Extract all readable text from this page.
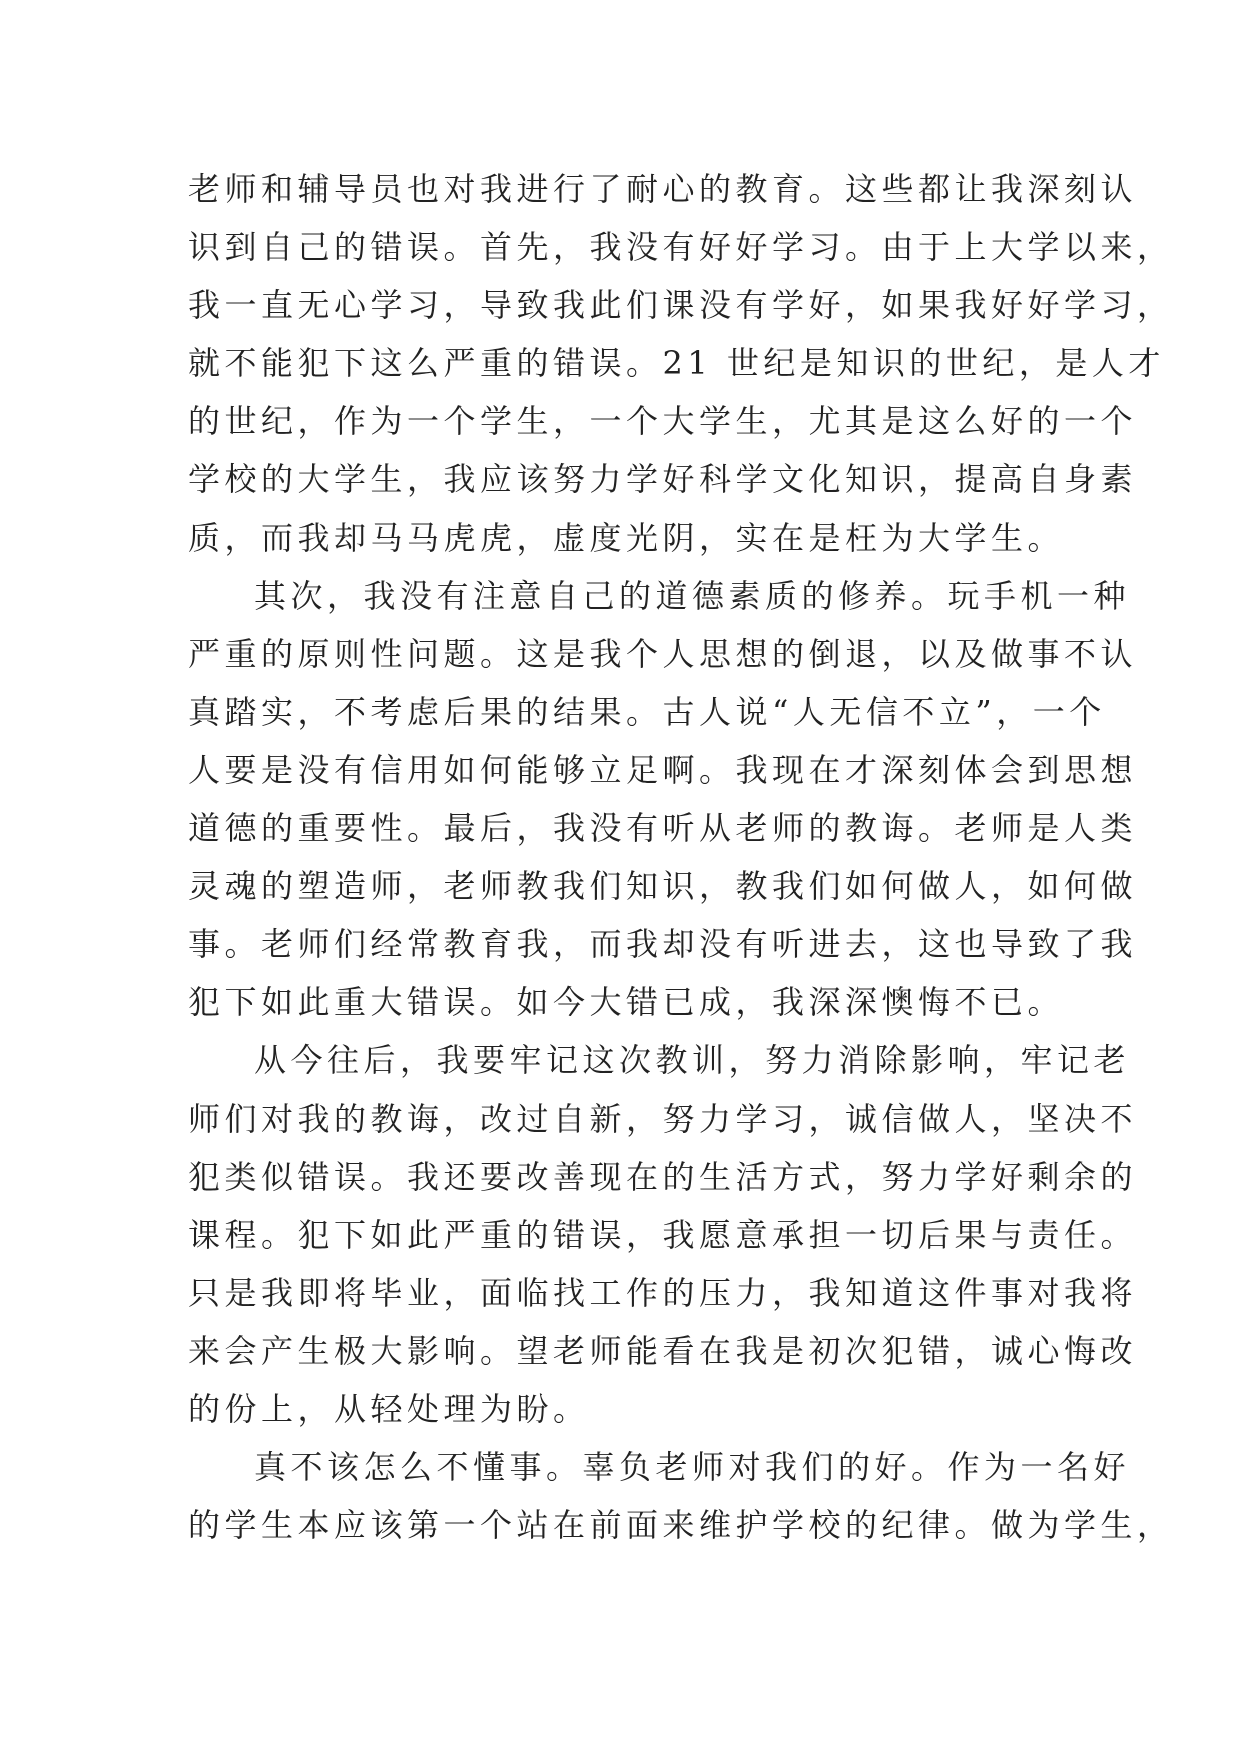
老师和辅导员也对我进行了耐心的教育。这些都让我深刻认
识到自己的错误。首先，我没有好好学习。由于上大学以来，
我一直无心学习，导致我此们课没有学好，如果我好好学习，
就不能犯下这么严重的错误。21 世纪是知识的世纪，是人才
的世纪，作为一个学生，一个大学生，尤其是这么好的一个
学校的大学生，我应该努力学好科学文化知识，提高自身素
质，而我却马马虎虎，虚度光阴，实在是枉为大学生。
其次，我没有注意自己的道德素质的修养。玩手机一种
严重的原则性问题。这是我个人思想的倒退，以及做事不认
真踏实，不考虑后果的结果。古人说“人无信不立”，一个
人要是没有信用如何能够立足啊。我现在才深刻体会到思想
道德的重要性。最后，我没有听从老师的教诲。老师是人类
灵魂的塑造师，老师教我们知识，教我们如何做人，如何做
事。老师们经常教育我，而我却没有听进去，这也导致了我
犯下如此重大错误。如今大错已成，我深深懊悔不已。
从今往后，我要牢记这次教训，努力消除影响，牢记老
师们对我的教诲，改过自新，努力学习，诚信做人，坚决不
犯类似错误。我还要改善现在的生活方式，努力学好剩余的
课程。犯下如此严重的错误，我愿意承担一切后果与责任。
只是我即将毕业，面临找工作的压力，我知道这件事对我将
来会产生极大影响。望老师能看在我是初次犯错，诚心悔改
的份上，从轻处理为盼。
真不该怎么不懂事。辜负老师对我们的好。作为一名好
的学生本应该第一个站在前面来维护学校的纪律。做为学生，
